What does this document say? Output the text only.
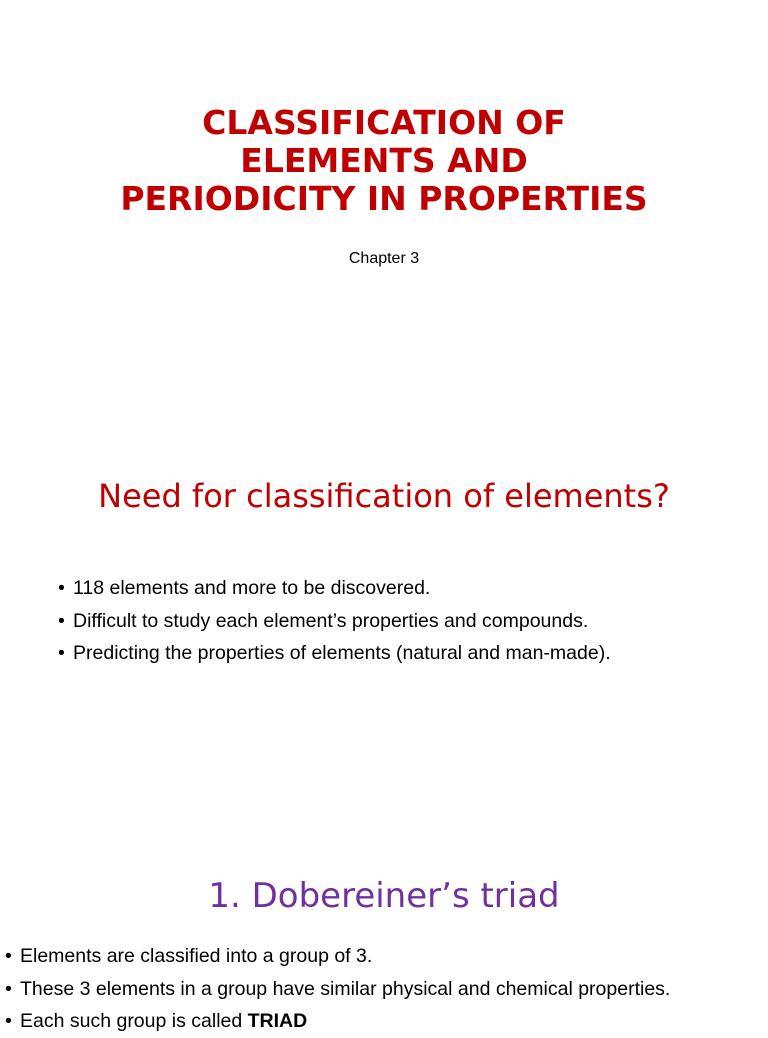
CLASSIFICATION OF
ELEMENTS AND
PERIODICITY IN PROPERTIES
Chapter 3
Need for classification of elements?
• 118 elements and more to be discovered.
• Difficult to study each element’s properties and compounds.
• Predicting the properties of elements (natural and man-made).
1. Dobereiner’s triad
• Elements are classified into a group of 3.
• These 3 elements in a group have similar physical and chemical properties.
• Each such group is called TRIAD
